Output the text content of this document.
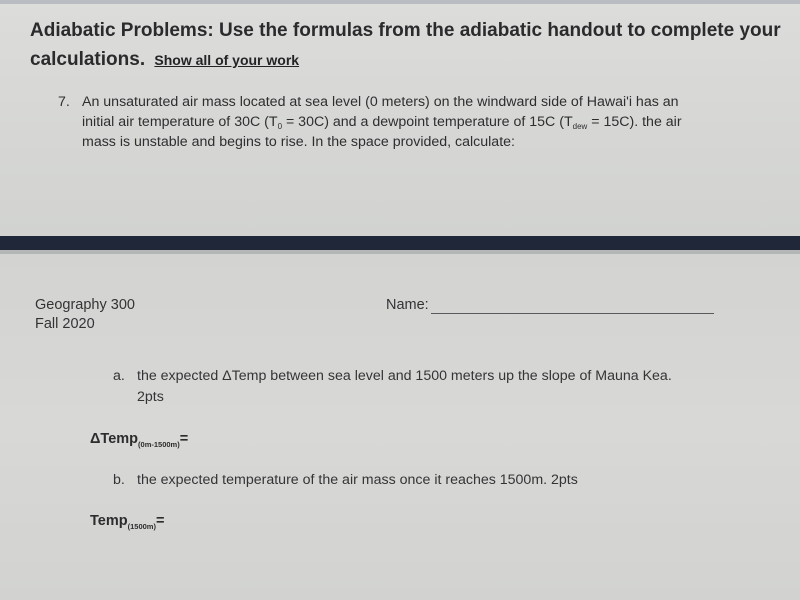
Adiabatic Problems: Use the formulas from the adiabatic handout to complete your calculations. Show all of your work
7. An unsaturated air mass located at sea level (0 meters) on the windward side of Hawai'i has an
initial air temperature of 30C $(T_0 = 30C)$ and a dewpoint temperature of 15C $(T_{dew} = 15C)$. the air
mass is unstable and begins to rise. In the space provided, calculate:
Geography 300
Fall 2020
Name:
a. the expected ΔTemp between sea level and 1500 meters up the slope of Mauna Kea.
2pts
ΔTemp$_{(0m-1500m)}$=
b. the expected temperature of the air mass once it reaches 1500m. 2pts
Temp$_{(1500m)}$=
